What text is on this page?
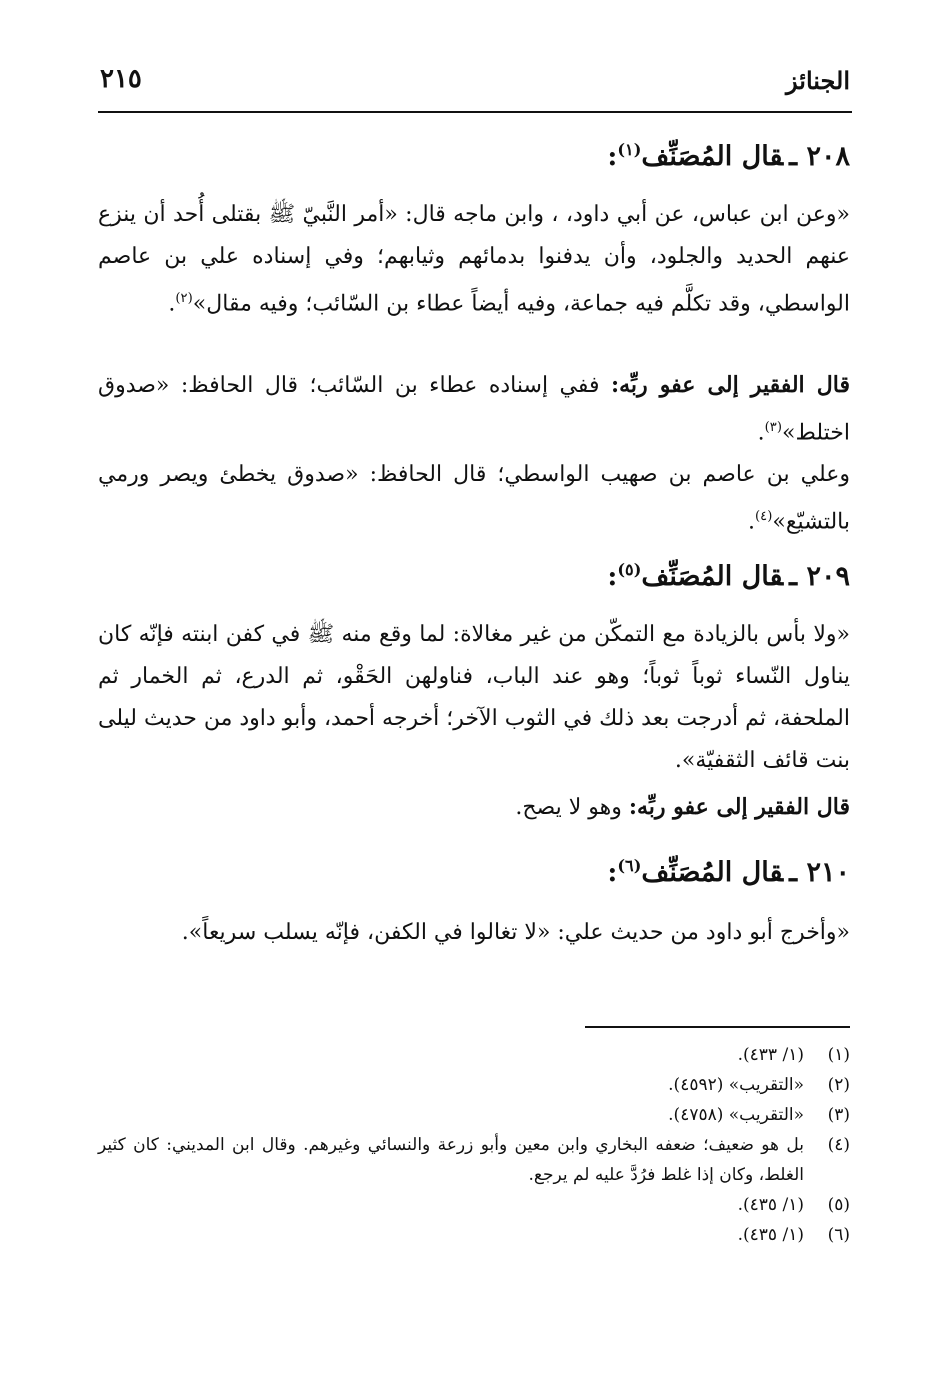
الجنائز
٢١٥
٢٠٨ ـقال المُصَنِّف$^{(١)}$:
«وعن ابن عباس، عن أبي داود، ، وابن ماجه قال: «أمر النَّبيّ ﷺ بقتلى أُحد أن ينزع عنهم الحديد والجلود، وأن يدفنوا بدمائهم وثيابهم؛ وفي إسناده علي بن عاصم الواسطي، وقد تكلَّم فيه جماعة، وفيه أيضاً عطاء بن السّائب؛ وفيه مقال»$^{(٢)}$.
قال الفقير إلى عفو ربِّه: ففي إسناده عطاء بن السّائب؛ قال الحافظ: «صدوق اختلط»$^{(٣)}$.
وعلي بن عاصم بن صهيب الواسطي؛ قال الحافظ: «صدوق يخطئ ويصر ورمي بالتشيّع»$^{(٤)}$.
٢٠٩ ـقال المُصَنِّف$^{(٥)}$:
«ولا بأس بالزيادة مع التمكّن من غير مغالاة: لما وقع منه ﷺ في كفن ابنته فإنّه كان يناول النّساء ثوباً ثوباً؛ وهو عند الباب، فناولهن الحَقْو، ثم الدرع، ثم الخمار ثم الملحفة، ثم أدرجت بعد ذلك في الثوب الآخر؛ أخرجه أحمد، وأبو داود من حديث ليلى بنت قائف الثقفيّة».
قال الفقير إلى عفو ربِّه: وهو لا يصح.
٢١٠ ـقال المُصَنِّف$^{(٦)}$:
«وأخرج أبو داود من حديث علي: «لا تغالوا في الكفن، فإنّه يسلب سريعاً».
(١)
(١/ ٤٣٣).
(٢)
«التقريب» (٤٥٩٢).
(٣)
«التقريب» (٤٧٥٨).
(٤)
بل هو ضعيف؛ ضعفه البخاري وابن معين وأبو زرعة والنسائي وغيرهم. وقال ابن المديني: كان كثير الغلط، وكان إذا غلط فرُدَّ عليه لم يرجع.
(٥)
(١/ ٤٣٥).
(٦)
(١/ ٤٣٥).
